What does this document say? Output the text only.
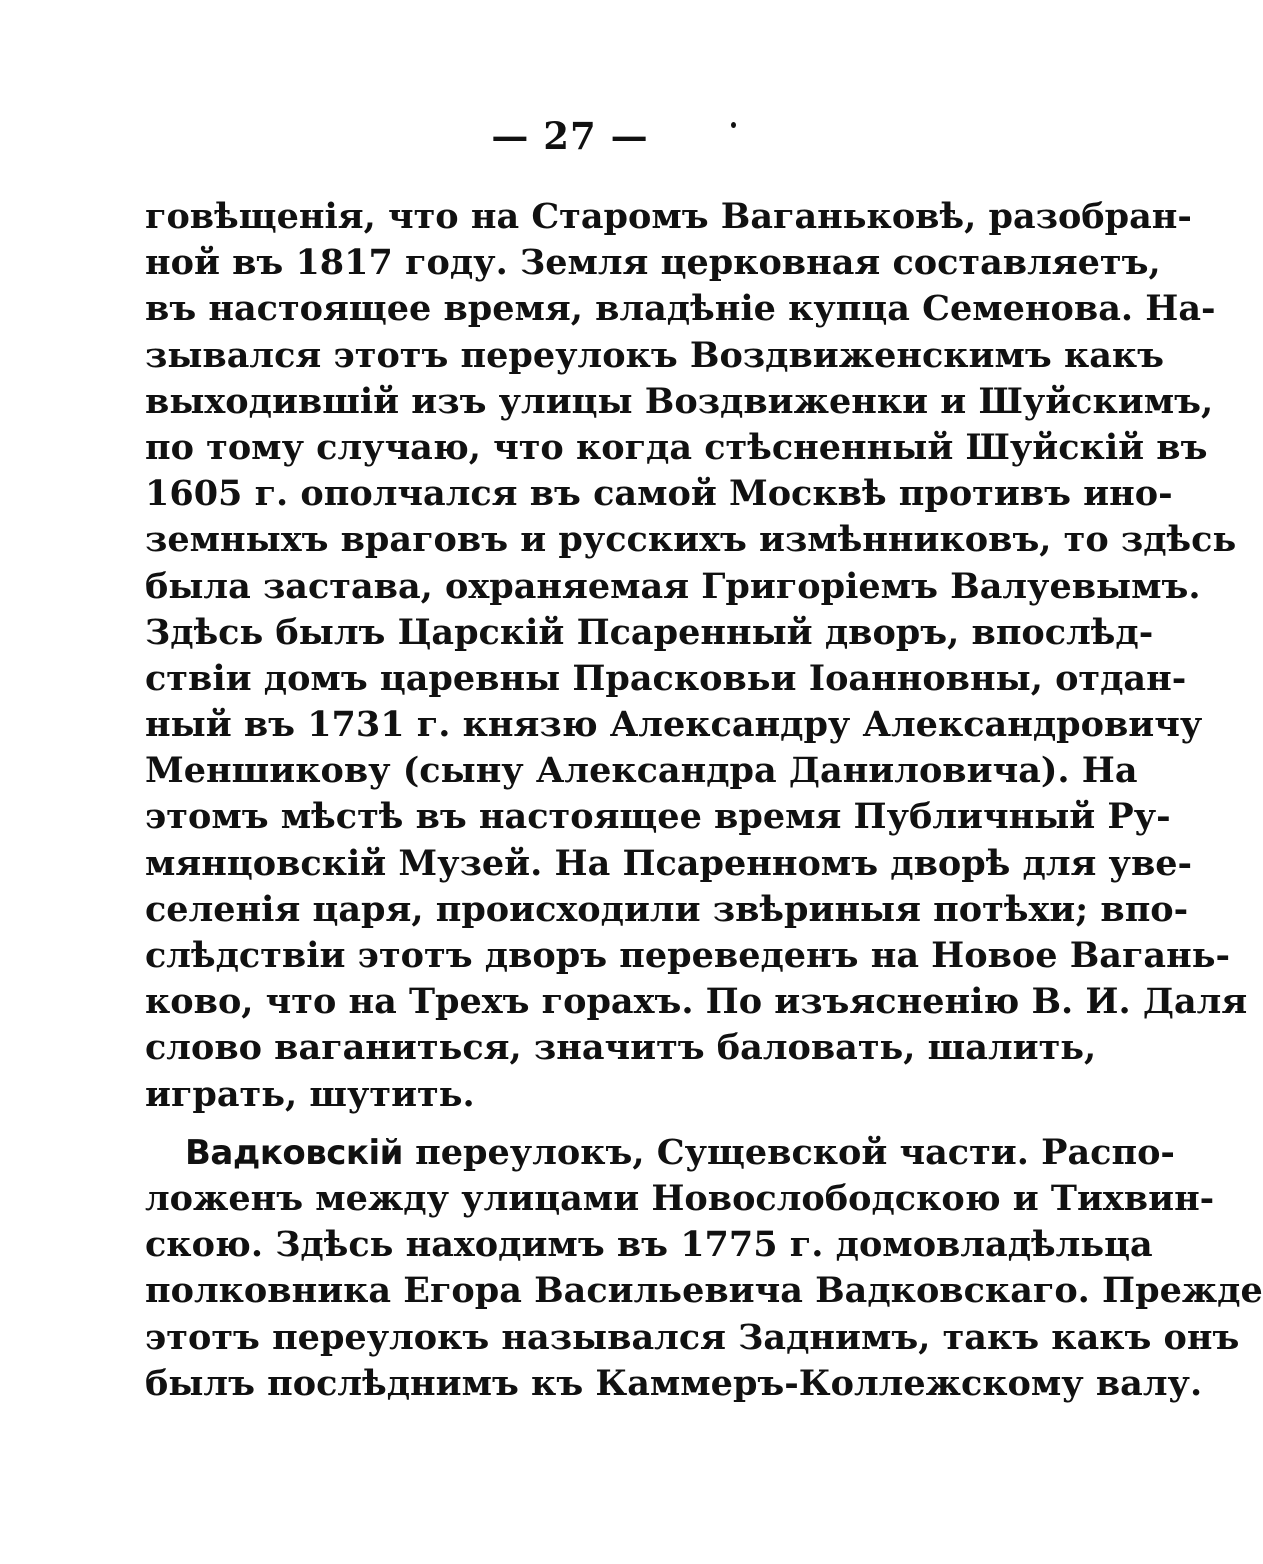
— 27 —
говѣщенія, что на Старомъ Ваганьковѣ, разобран-
ной въ 1817 году. Земля церковная составляетъ,
въ настоящее время, владѣніе купца Семенова. На-
зывался этотъ переулокъ Воздвиженскимъ какъ
выходившій изъ улицы Воздвиженки и Шуйскимъ,
по тому случаю, что когда стѣсненный Шуйскій въ
1605 г. ополчался въ самой Москвѣ противъ ино-
земныхъ враговъ и русскихъ измѣнниковъ, то здѣсь
была застава, охраняемая Григоріемъ Валуевымъ.
Здѣсь былъ Царскій Псаренный дворъ, впослѣд-
ствіи домъ царевны Прасковьи Іоанновны, отдан-
ный въ 1731 г. князю Александру Александровичу
Меншикову (сыну Александра Даниловича). На
этомъ мѣстѣ въ настоящее время Публичный Ру-
мянцовскій Музей. На Псаренномъ дворѣ для уве-
селенія царя, происходили звѣриныя потѣхи; впо-
слѣдствіи этотъ дворъ переведенъ на Новое Вагань-
ково, что на Трехъ горахъ. По изъясненію В. И. Даля
слово ваганиться, значитъ баловать, шалить,
играть, шутить.
Вадковскій переулокъ, Сущевской части. Распо-
ложенъ между улицами Новослободскою и Тихвин-
скою. Здѣсь находимъ въ 1775 г. домовладѣльца
полковника Егора Васильевича Вадковскаго. Прежде
этотъ переулокъ назывался Заднимъ, такъ какъ онъ
былъ послѣднимъ къ Каммеръ-Коллежскому валу.
